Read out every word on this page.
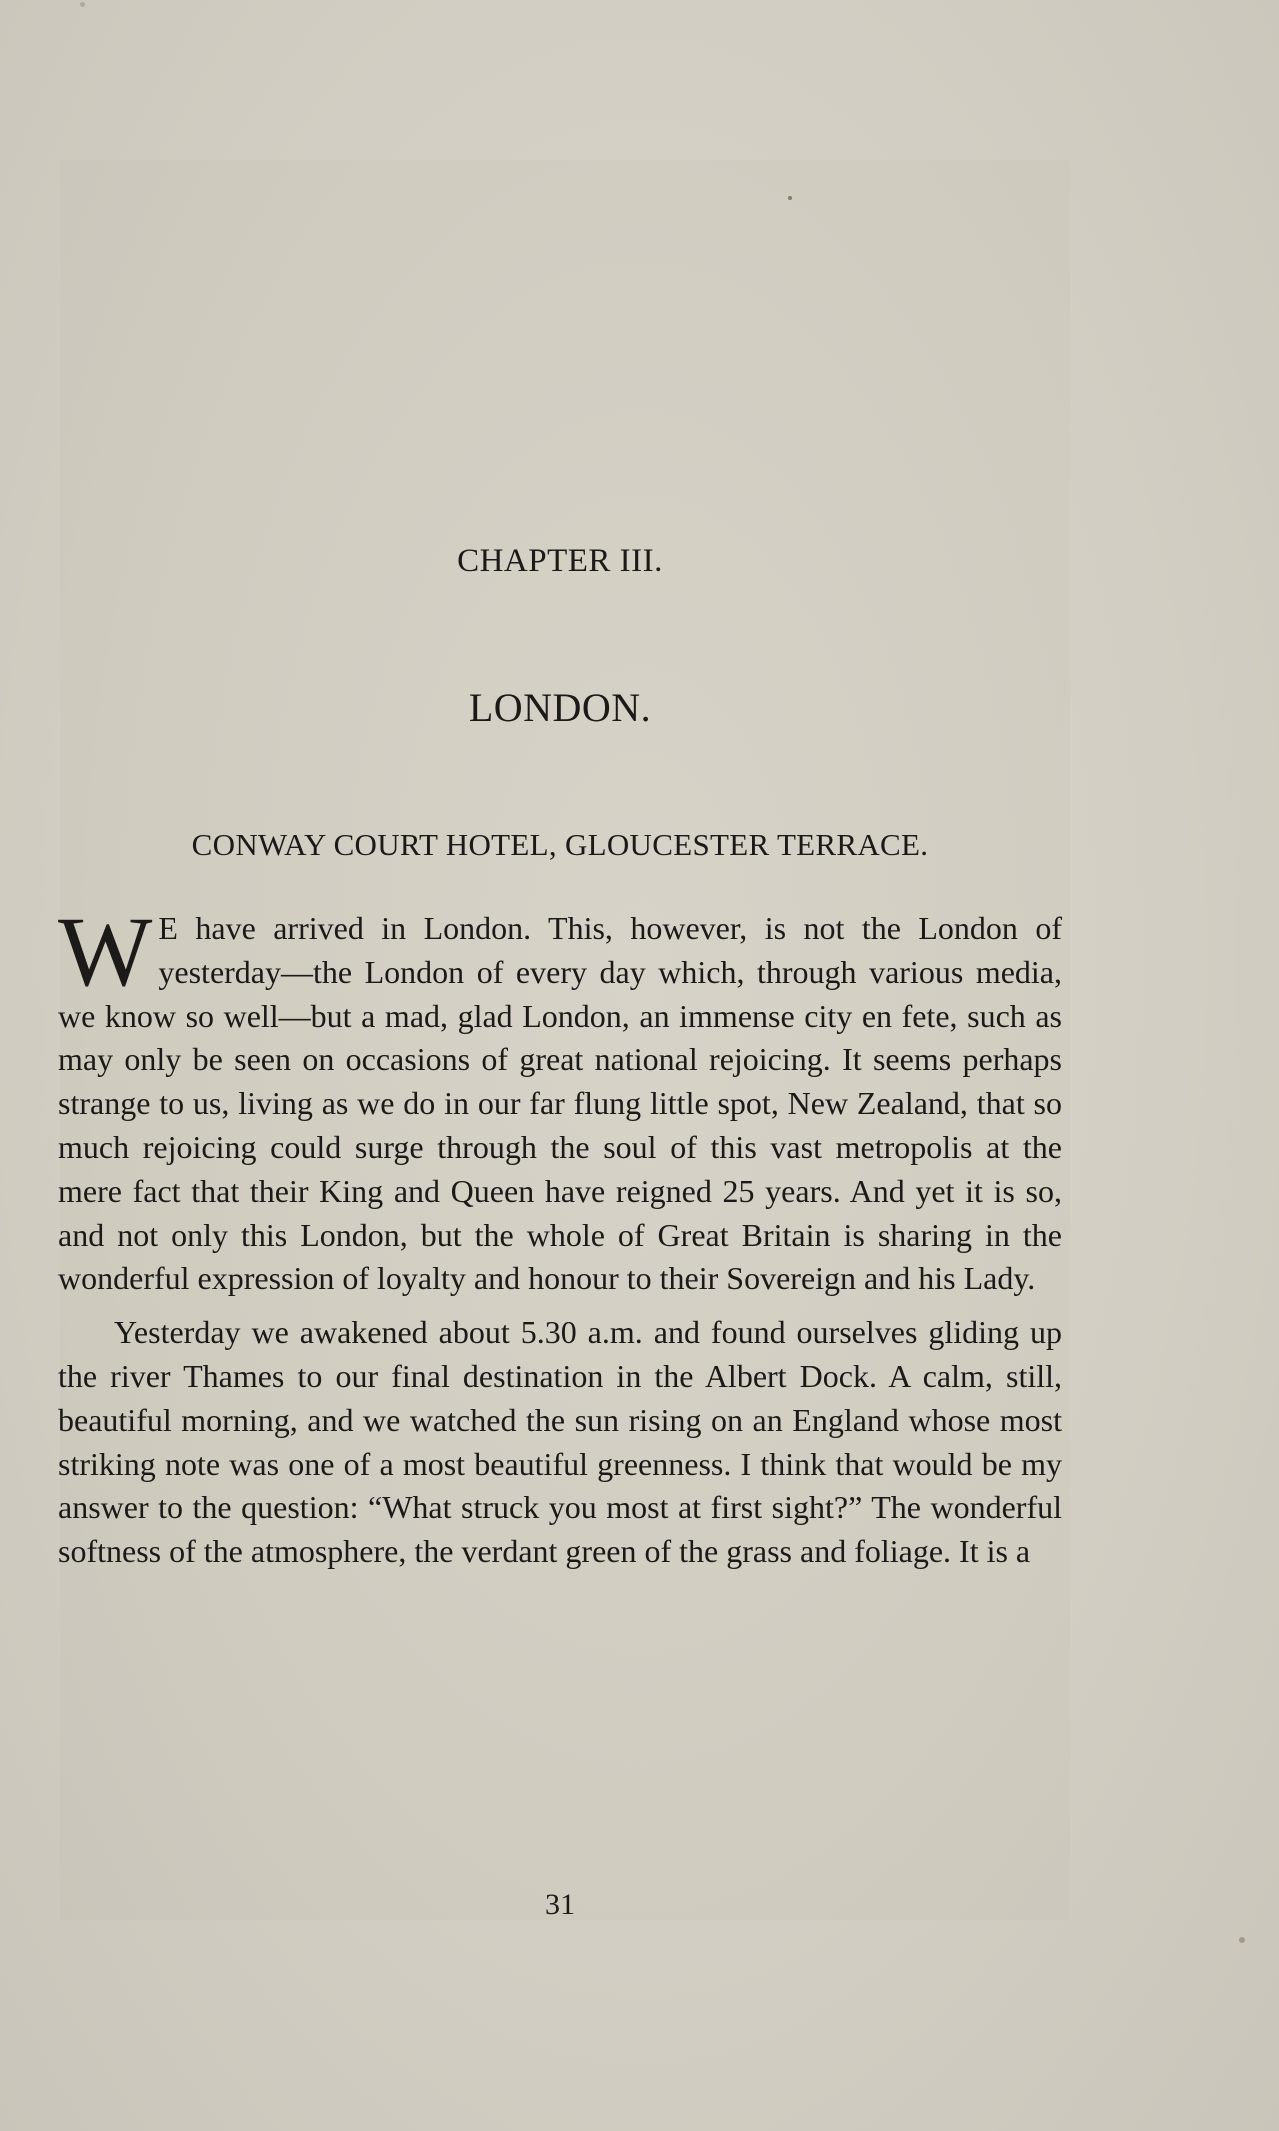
CHAPTER III.
LONDON.
CONWAY COURT HOTEL, GLOUCESTER TERRACE.

W E have arrived in London. This, however, is not the London of yesterday—the London of every day which, through various media, we know so well—but a mad, glad London, an immense city en fete, such as may only be seen on occasions of great national rejoicing. It seems perhaps strange to us, living as we do in our far flung little spot, New Zealand, that so much rejoicing could surge through the soul of this vast metropolis at the mere fact that their King and Queen have reigned 25 years. And yet it is so, and not only this London, but the whole of Great Britain is sharing in the wonderful expression of loyalty and honour to their Sovereign and his Lady.

Yesterday we awakened about 5.30 a.m. and found ourselves gliding up the river Thames to our final destination in the Albert Dock. A calm, still, beautiful morning, and we watched the sun rising on an England whose most striking note was one of a most beautiful greenness. I think that would be my answer to the question: “What struck you most at first sight?” The wonderful softness of the atmosphere, the verdant green of the grass and foliage. It is a

31
